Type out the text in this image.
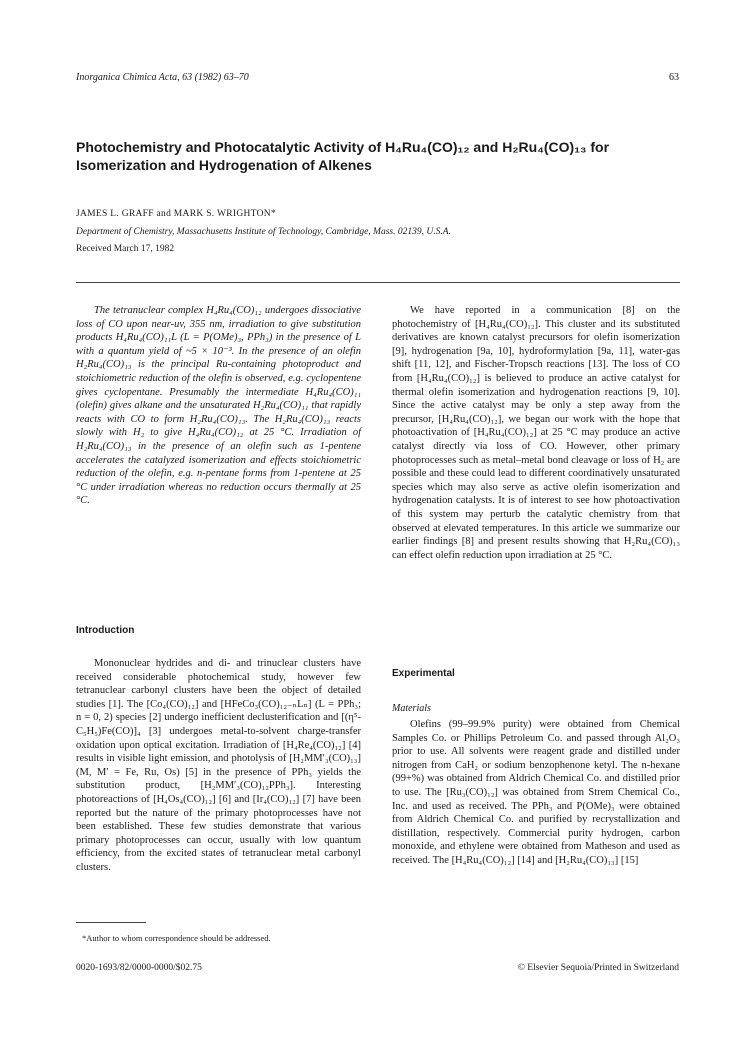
Inorganica Chimica Acta, 63 (1982) 63–70	63
Photochemistry and Photocatalytic Activity of H₄Ru₄(CO)₁₂ and H₂Ru₄(CO)₁₃ for Isomerization and Hydrogenation of Alkenes
JAMES L. GRAFF and MARK S. WRIGHTON*
Department of Chemistry, Massachusetts Institute of Technology, Cambridge, Mass. 02139, U.S.A.
Received March 17, 1982

The tetranuclear complex H₄Ru₄(CO)₁₂ undergoes dissociative loss of CO upon near-uv, 355 nm, irradiation to give substitution products H₄Ru₄(CO)₁₁L (L = P(OMe)₃, PPh₃) in the presence of L with a quantum yield of ~5 × 10⁻³. In the presence of an olefin H₂Ru₄(CO)₁₃ is the principal Ru-containing photoproduct and stoichiometric reduction of the olefin is observed, e.g. cyclopentene gives cyclopentane. Presumably the intermediate H₄Ru₄(CO)₁₁ (olefin) gives alkane and the unsaturated H₂Ru₄(CO)₁₁ that rapidly reacts with CO to form H₂Ru₄(CO)₁₃. The H₂Ru₄(CO)₁₃ reacts slowly with H₂ to give H₄Ru₄(CO)₁₂ at 25 °C. Irradiation of H₂Ru₄(CO)₁₃ in the presence of an olefin such as 1-pentene accelerates the catalyzed isomerization and effects stoichiometric reduction of the olefin, e.g. n-pentane forms from 1-pentene at 25 °C under irradiation whereas no reduction occurs thermally at 25 °C.

Introduction

Mononuclear hydrides and di- and trinuclear clusters have received considerable photochemical study, however few tetranuclear carbonyl clusters have been the object of detailed studies [1]. The [Co₄(CO)₁₂] and [HFeCo₃(CO)₁₂₋ₙLₙ] (L = PPh₃; n = 0, 2) species [2] undergo inefficient declusterification and [(η⁵-C₅H₅)Fe(CO)]₄ [3] undergoes metal-to-solvent charge-transfer oxidation upon optical excitation. Irradiation of [H₄Re₄(CO)₁₂] [4] results in visible light emission, and photolysis of [H₂MM′₃(CO)₁₃] (M, M′ = Fe, Ru, Os) [5] in the presence of PPh₃ yields the substitution product, [H₂MM′₃(CO)₁₂PPh₃]. Interesting photoreactions of [H₄Os₄(CO)₁₂] [6] and [Ir₄(CO)₁₂] [7] have been reported but the nature of the primary photoprocesses have not been established. These few studies demonstrate that various primary photoprocesses can occur, usually with low quantum efficiency, from the excited states of tetranuclear metal carbonyl clusters.

We have reported in a communication [8] on the photochemistry of [H₄Ru₄(CO)₁₂]. This cluster and its substituted derivatives are known catalyst precursors for olefin isomerization [9], hydrogenation [9a, 10], hydroformylation [9a, 11], water-gas shift [11, 12], and Fischer-Tropsch reactions [13]. The loss of CO from [H₄Ru₄(CO)₁₂] is believed to produce an active catalyst for thermal olefin isomerization and hydrogenation reactions [9, 10]. Since the active catalyst may be only a step away from the precursor, [H₄Ru₄(CO)₁₂], we began our work with the hope that photoactivation of [H₄Ru₄(CO)₁₂] at 25 °C may produce an active catalyst directly via loss of CO. However, other primary photoprocesses such as metal–metal bond cleavage or loss of H₂ are possible and these could lead to different coordinatively unsaturated species which may also serve as active olefin isomerization and hydrogenation catalysts. It is of interest to see how photoactivation of this system may perturb the catalytic chemistry from that observed at elevated temperatures. In this article we summarize our earlier findings [8] and present results showing that H₂Ru₄(CO)₁₃ can effect olefin reduction upon irradiation at 25 °C.

Experimental
Materials

Olefins (99–99.9% purity) were obtained from Chemical Samples Co. or Phillips Petroleum Co. and passed through Al₂O₃ prior to use. All solvents were reagent grade and distilled under nitrogen from CaH₂ or sodium benzophenone ketyl. The n-hexane (99+%) was obtained from Aldrich Chemical Co. and distilled prior to use. The [Ru₃(CO)₁₂] was obtained from Strem Chemical Co., Inc. and used as received. The PPh₃ and P(OMe)₃ were obtained from Aldrich Chemical Co. and purified by recrystallization and distillation, respectively. Commercial purity hydrogen, carbon monoxide, and ethylene were obtained from Matheson and used as received. The [H₄Ru₄(CO)₁₂] [14] and [H₂Ru₄(CO)₁₃] [15]

*Author to whom correspondence should be addressed.
0020-1693/82/0000-0000/$02.75	© Elsevier Sequoia/Printed in Switzerland
